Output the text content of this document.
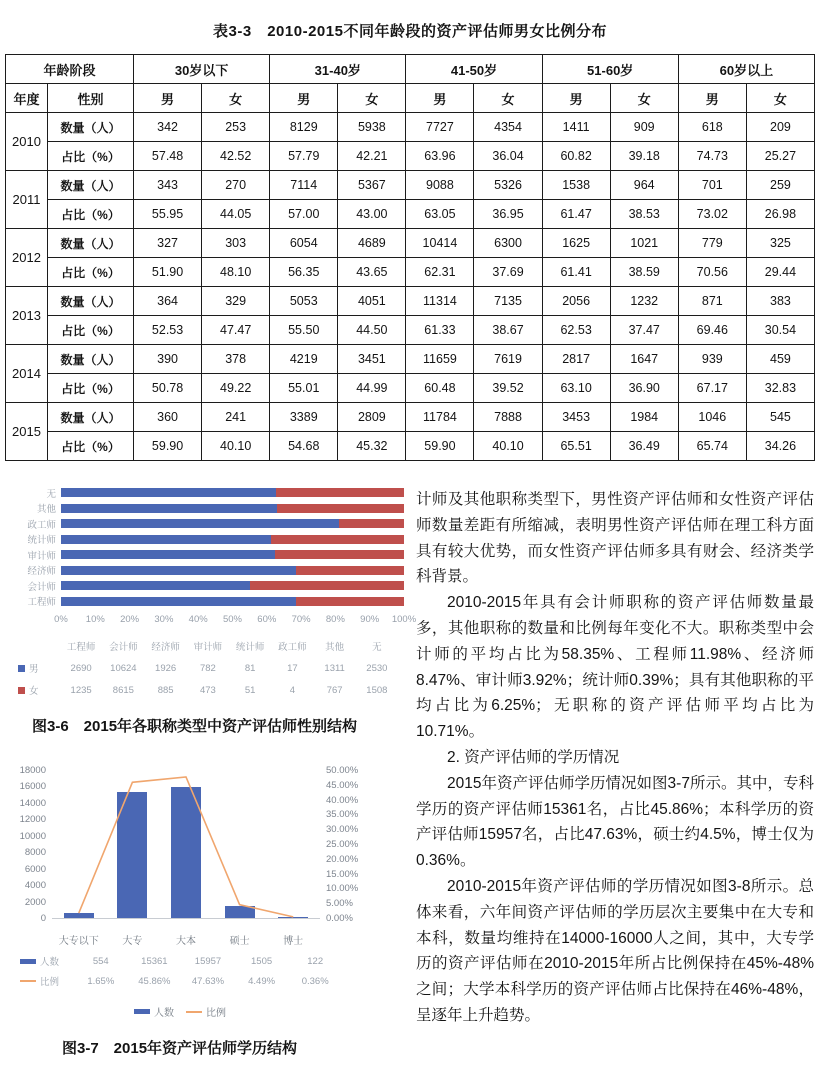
表3-3　2010-2015不同年龄段的资产评估师男女比例分布
年龄阶段		30岁以下		31-40岁		41-50岁		51-60岁		60岁以上	
年度	性别	男	女	男	女	男	女	男	女	男	女
2010	数量（人）	342	253	8129	5938	7727	4354	1411	909	618	209
	占比（%）	57.48	42.52	57.79	42.21	63.96	36.04	60.82	39.18	74.73	25.27
2011	数量（人）	343	270	7114	5367	9088	5326	1538	964	701	259
	占比（%）	55.95	44.05	57.00	43.00	63.05	36.95	61.47	38.53	73.02	26.98
2012	数量（人）	327	303	6054	4689	10414	6300	1625	1021	779	325
	占比（%）	51.90	48.10	56.35	43.65	62.31	37.69	61.41	38.59	70.56	29.44
2013	数量（人）	364	329	5053	4051	11314	7135	2056	1232	871	383
	占比（%）	52.53	47.47	55.50	44.50	61.33	38.67	62.53	37.47	69.46	30.54
2014	数量（人）	390	378	4219	3451	11659	7619	2817	1647	939	459
	占比（%）	50.78	49.22	55.01	44.99	60.48	39.52	63.10	36.90	67.17	32.83
2015	数量（人）	360	241	3389	2809	11784	7888	3453	1984	1046	545
	占比（%）	59.90	40.10	54.68	45.32	59.90	40.10	65.51	36.49	65.74	34.26
无
其他
政工师
统计师
审计师
经济师
会计师
工程师
0% 10% 20% 30% 40% 50% 60% 70% 80% 90% 100%
工程师	会计师	经济师	审计师	统计师	政工师	其他	无
男	2690	10624	1926	782	81	17	1311	2530
女	1235	8615	885	473	51	4	767	1508
图3-6　2015年各职称类型中资产评估师性别结构
18000
16000
14000
12000
10000
8000
6000
4000
2000
0
50.00%
45.00%
40.00%
35.00%
30.00%
25.00%
20.00%
15.00%
10.00%
5.00%
0.00%
大专以下	大专	大本	硕士	博士
人数	554	15361	15957	1505	122
比例	1.65%	45.86%	47.63%	4.49%	0.36%
人数	比例
图3-7　2015年资产评估师学历结构

计师及其他职称类型下，男性资产评估师和女性资产评估师数量差距有所缩减，表明男性资产评估师在理工科方面具有较大优势，而女性资产评估师多具有财会、经济类学科背景。

2010-2015年具有会计师职称的资产评估师数量最多，其他职称的数量和比例每年变化不大。职称类型中会计师的平均占比为58.35%、工程师11.98%、经济师8.47%、审计师3.92%；统计师0.39%；具有其他职称的平均占比为6.25%；无职称的资产评估师平均占比为10.71%。

2. 资产评估师的学历情况

2015年资产评估师学历情况如图3-7所示。其中，专科学历的资产评估师15361名，占比45.86%；本科学历的资产评估师15957名，占比47.63%，硕士约4.5%，博士仅为0.36%。

2010-2015年资产评估师的学历情况如图3-8所示。总体来看，六年间资产评估师的学历层次主要集中在大专和本科，数量均维持在14000-16000人之间，其中，大专学历的资产评估师在2010-2015年所占比例保持在45%-48%之间；大学本科学历的资产评估师占比保持在46%-48%，呈逐年上升趋势。
